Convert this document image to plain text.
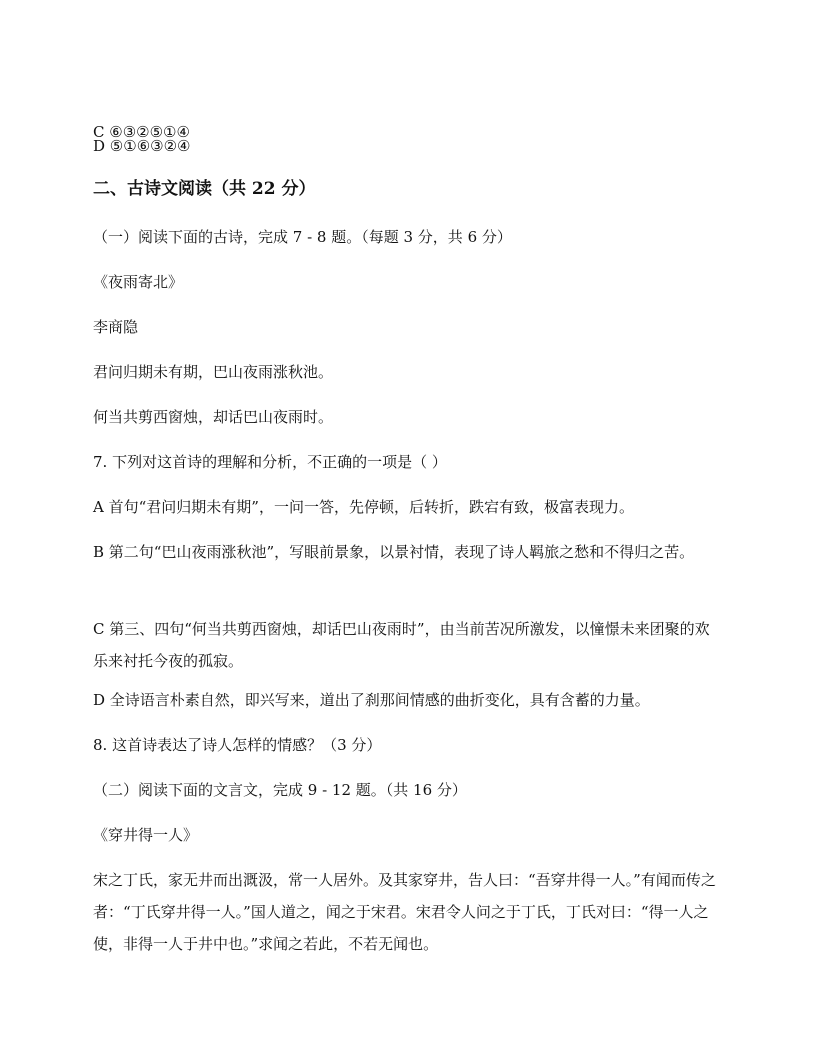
C ⑥③②⑤①④
D ⑤①⑥③②④
二、古诗文阅读（共 22 分）
（一）阅读下面的古诗，完成 7 - 8 题。（每题 3 分，共 6 分）
《夜雨寄北》
李商隐
君问归期未有期，巴山夜雨涨秋池。
何当共剪西窗烛，却话巴山夜雨时。
7. 下列对这首诗的理解和分析，不正确的一项是（ ）
A 首句“君问归期未有期”，一问一答，先停顿，后转折，跌宕有致，极富表现力。
B 第二句“巴山夜雨涨秋池”，写眼前景象，以景衬情，表现了诗人羁旅之愁和不得归之苦。
C 第三、四句“何当共剪西窗烛，却话巴山夜雨时”，由当前苦况所激发，以憧憬未来团聚的欢乐来衬托今夜的孤寂。
D 全诗语言朴素自然，即兴写来，道出了刹那间情感的曲折变化，具有含蓄的力量。
8. 这首诗表达了诗人怎样的情感？（3 分）
（二）阅读下面的文言文，完成 9 - 12 题。（共 16 分）
《穿井得一人》
宋之丁氏，家无井而出溉汲，常一人居外。及其家穿井，告人曰：“吾穿井得一人。”有闻而传之者：“丁氏穿井得一人。”国人道之，闻之于宋君。宋君令人问之于丁氏，丁氏对曰：“得一人之使，非得一人于井中也。”求闻之若此，不若无闻也。
